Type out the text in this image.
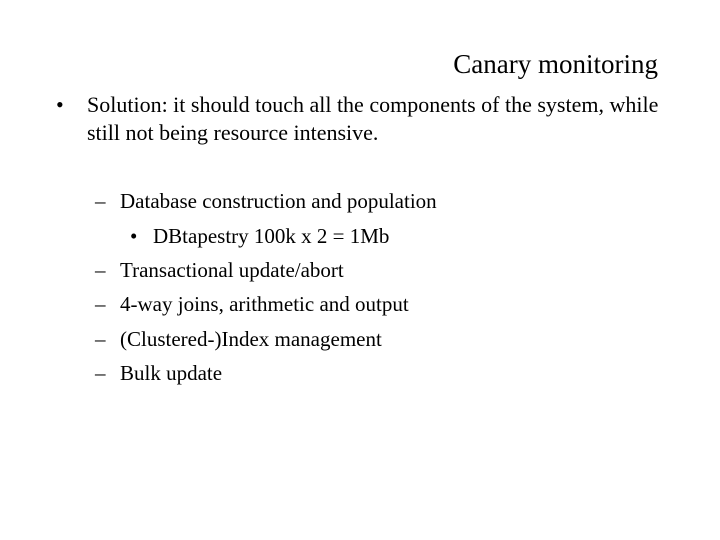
Canary monitoring
• Solution: it should touch all the components of the system, while still not being resource intensive.
– Database construction and population
• DBtapestry 100k x 2 = 1Mb
– Transactional update/abort
– 4-way joins, arithmetic and output
– (Clustered-)Index management
– Bulk update
